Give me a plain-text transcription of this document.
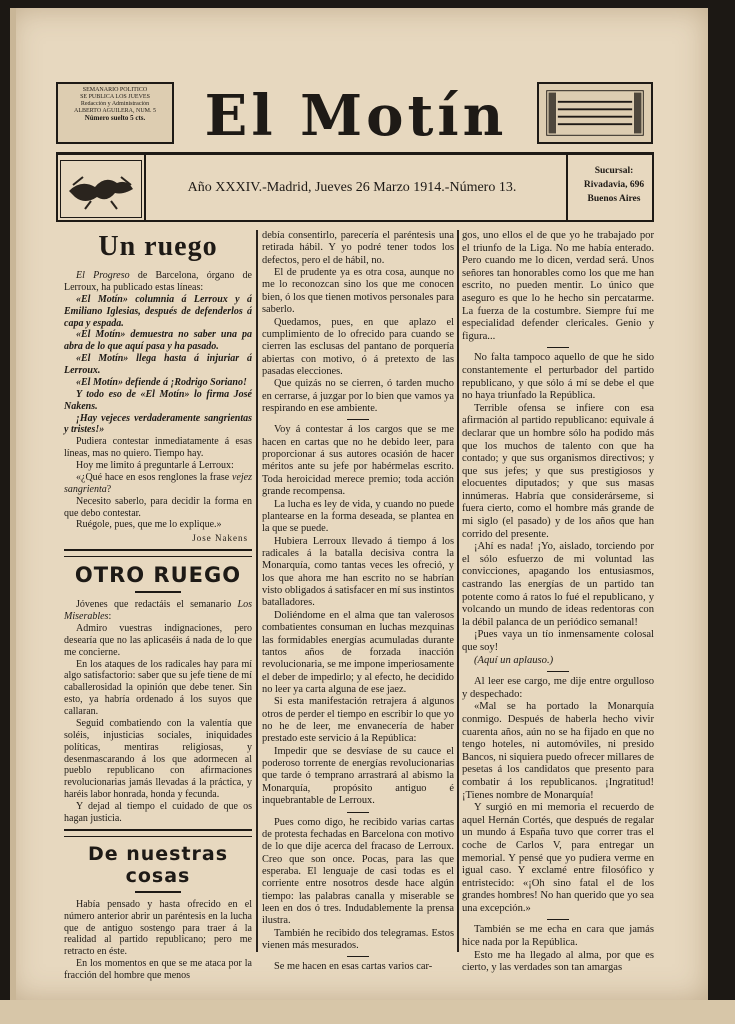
SEMANARIO POLÍTICO
SE PUBLICA LOS JUEVES
Redacción y Administración
ALBERTO AGUILERA, NÚM. 5
Número suelto 5 cts.	El Motín
Año XXXIV.-Madrid, Jueves 26 Marzo 1914.-Número 13.
Sucursal:
Rivadavia, 696
Buenos Aires
Un ruego

El Progreso de Barcelona, órgano de Lerroux, ha publicado estas líneas:

«El Motín» columnia á Lerroux y á Emiliano Iglesias, después de defenderlos á capa y espada.

«El Motín» demuestra no saber una pa abra de lo que aquí pasa y ha pasado.

«El Motín» llega hasta á injuriar á Lerroux.

«El Motín» defiende á ¡Rodrigo Soriano!

Y todo eso de «El Motín» lo firma José Nakens.

¡Hay vejeces verdaderamente sangrientas y tristes!»

Pudiera contestar inmediatamente á esas líneas, mas no quiero. Tiempo hay.

Hoy me limito á preguntarle á Lerroux:

«¿Qué hace en esos renglones la frase vejez sangrienta?

Necesito saberlo, para decidir la forma en que debo contestar.

Ruégole, pues, que me lo explique.»

Jose Nakens
OTRO RUEGO

Jóvenes que redactáis el semanario Los Miserables:

Admiro vuestras indignaciones, pero desearía que no las aplicaséis á nada de lo que me concierne.

En los ataques de los radicales hay para mí algo satisfactorio: saber que su jefe tiene de mí caballerosidad la opinión que debe tener. Sin esto, ya habría ordenado á los suyos que callaran.

Seguid combatiendo con la valentía que soléis, injusticias sociales, iniquidades políticas, mentiras religiosas, y desenmascarando á los que adormecen al pueblo republicano con afirmaciones revolucionarias jamás llevadas á la práctica, y haréis labor honrada, honda y fecunda.

Y dejad al tiempo el cuidado de que os hagan justicia.

De nuestras cosas

Había pensado y hasta ofrecido en el número anterior abrir un paréntesis en la lucha que de antiguo sostengo para traer á la realidad al partido republicano; pero me retracto en éste.

En los momentos en que se me ataca por la fracción del hombre que menos

debía consentirlo, parecería el paréntesis una retirada hábil. Y yo podré tener todos los defectos, pero el de hábil, no.

El de prudente ya es otra cosa, aunque no me lo reconozcan sino los que me conocen bien, ó los que tienen motivos personales para saberlo.

Quedamos, pues, en que aplazo el cumplimiento de lo ofrecido para cuando se cierren las esclusas del pantano de porquería abiertas con motivo, ó á pretexto de las pasadas elecciones.

Que quizás no se cierren, ó tarden mucho en cerrarse, á juzgar por lo bien que vamos ya respirando en ese ambiente.

Voy á contestar á los cargos que se me hacen en cartas que no he debido leer, para proporcionar á sus autores ocasión de hacer méritos ante su jefe por habérmelas escrito. Toda heroicidad merece premio; toda acción grande recompensa.

La lucha es ley de vida, y cuando no puede plantearse en la forma deseada, se plantea en la que se puede.

Hubiera Lerroux llevado á tiempo á los radicales á la batalla decisiva contra la Monarquía, como tantas veces les ofreció, y los que ahora me han escrito no se habrían visto obligados á satisfacer en mí sus instintos batalladores.

Doliéndome en el alma que tan valerosos combatientes consuman en luchas mezquinas las formidables energías acumuladas durante tantos años de forzada inacción revolucionaria, se me impone imperiosamente el deber de impedirlo; y al efecto, he decidido no leer ya carta alguna de ese jaez.

Si esta manifestación retrajera á algunos otros de perder el tiempo en escribir lo que yo no he de leer, me envanecería de haber prestado este servicio á la República:

Impedir que se desvíase de su cauce el poderoso torrente de energías revolucionarias que tarde ó temprano arrastrará al abismo la Monarquía, propósito antiguo é inquebrantable de Lerroux.

Pues como digo, he recibido varias cartas de protesta fechadas en Barcelona con motivo de lo que dije acerca del fracaso de Lerroux. Creo que son once. Pocas, para las que esperaba. El lenguaje de casi todas es el corriente entre nosotros desde hace algún tiempo: las palabras canalla y miserable se leen en dos ó tres. Indudablemente la prensa ilustra.

También he recibido dos telegramas. Estos vienen más mesurados.

Se me hacen en esas cartas varios car-

gos, uno ellos el de que yo he trabajado por el triunfo de la Liga. No me había enterado. Pero cuando me lo dicen, verdad será. Unos señores tan honorables como los que me han escrito, no pueden mentir. Lo único que aseguro es que lo he hecho sin percatarme. La fuerza de la costumbre. Siempre fuí me especialidad defender clericales. Genio y figura...

No falta tampoco aquello de que he sido constantemente el perturbador del partido republicano, y que sólo á mí se debe el que no haya triunfado la República.

Terrible ofensa se infiere con esa afirmación al partido republicano: equivale á declarar que un hombre sólo ha podido más que los muchos de talento con que ha contado; y que sus organismos directivos; y que sus jefes; y que sus prestigiosos y elocuentes diputados; y que sus masas innúmeras. Habría que considerárseme, si fuera cierto, como el hombre más grande de mi siglo (el pasado) y de los años que han corrido del presente.

¡Ahí es nada! ¡Yo, aislado, torciendo por el sólo esfuerzo de mi voluntad las convicciones, apagando los entusiasmos, castrando las energías de un partido tan potente como á ratos lo fué el republicano, y volcando un mundo de ideas redentoras con la débil palanca de un periódico semanal!

¡Pues vaya un tío inmensamente colosal que soy!

(Aquí un aplauso.)

Al leer ese cargo, me dije entre orgulloso y despechado:

«Mal se ha portado la Monarquía conmigo. Después de haberla hecho vivir cuarenta años, aún no se ha fijado en que no tengo hoteles, ni automóviles, ni presido Bancos, ni siquiera puedo ofrecer millares de pesetas á los candidatos que presento para combatir á los republicanos. ¡Ingratitud! ¡Tienes nombre de Monarquía!

Y surgió en mi memoria el recuerdo de aquel Hernán Cortés, que después de regalar un mundo á España tuvo que correr tras el coche de Carlos V, para entregar un memorial. Y pensé que yo pudiera verme en igual caso. Y exclamé entre filosófico y entristecido: «¡Oh sino fatal el de los grandes hombres! No han querido que yo sea una excepción.»

También se me echa en cara que jamás hice nada por la República.

Esto me ha llegado al alma, por que es cierto, y las verdades son tan amargas
